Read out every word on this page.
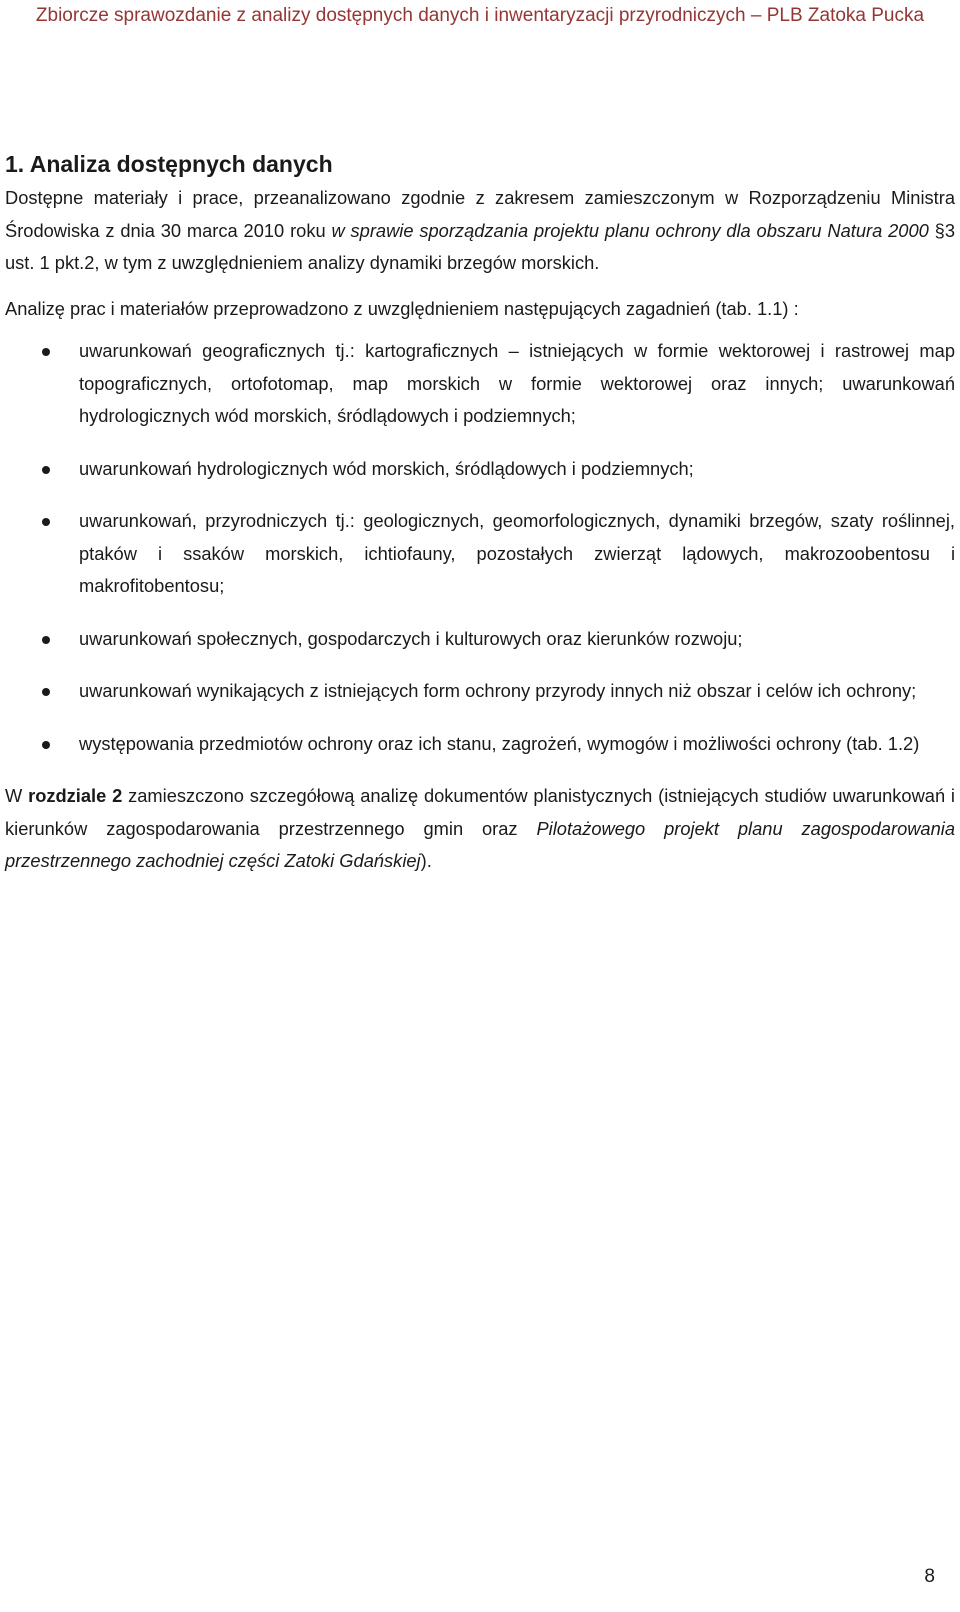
Zbiorcze sprawozdanie z analizy dostępnych danych i inwentaryzacji przyrodniczych – PLB Zatoka Pucka
1. Analiza dostępnych danych

Dostępne materiały i prace, przeanalizowano zgodnie z zakresem zamieszczonym w Rozporządzeniu Ministra Środowiska z dnia 30 marca 2010 roku w sprawie sporządzania projektu planu ochrony dla obszaru Natura 2000 §3 ust. 1 pkt.2, w tym z uwzględnieniem analizy dynamiki brzegów morskich.

Analizę prac i materiałów przeprowadzono z uwzględnieniem następujących zagadnień (tab. 1.1) :

uwarunkowań geograficznych tj.: kartograficznych – istniejących w formie wektorowej i rastrowej map topograficznych, ortofotomap, map morskich w formie wektorowej oraz innych; uwarunkowań hydrologicznych wód morskich, śródlądowych i podziemnych;
uwarunkowań hydrologicznych wód morskich, śródlądowych i podziemnych;
uwarunkowań, przyrodniczych tj.: geologicznych, geomorfologicznych, dynamiki brzegów, szaty roślinnej, ptaków i ssaków morskich, ichtiofauny, pozostałych zwierząt lądowych, makrozoobentosu i makrofitobentosu;
uwarunkowań społecznych, gospodarczych i kulturowych oraz kierunków rozwoju;
uwarunkowań wynikających z istniejących form ochrony przyrody innych niż obszar i celów ich ochrony;
występowania przedmiotów ochrony oraz ich stanu, zagrożeń, wymogów i możliwości ochrony (tab. 1.2)

W rozdziale 2 zamieszczono szczegółową analizę dokumentów planistycznych (istniejących studiów uwarunkowań i kierunków zagospodarowania przestrzennego gmin oraz Pilotażowego projekt planu zagospodarowania przestrzennego zachodniej części Zatoki Gdańskiej).

8
